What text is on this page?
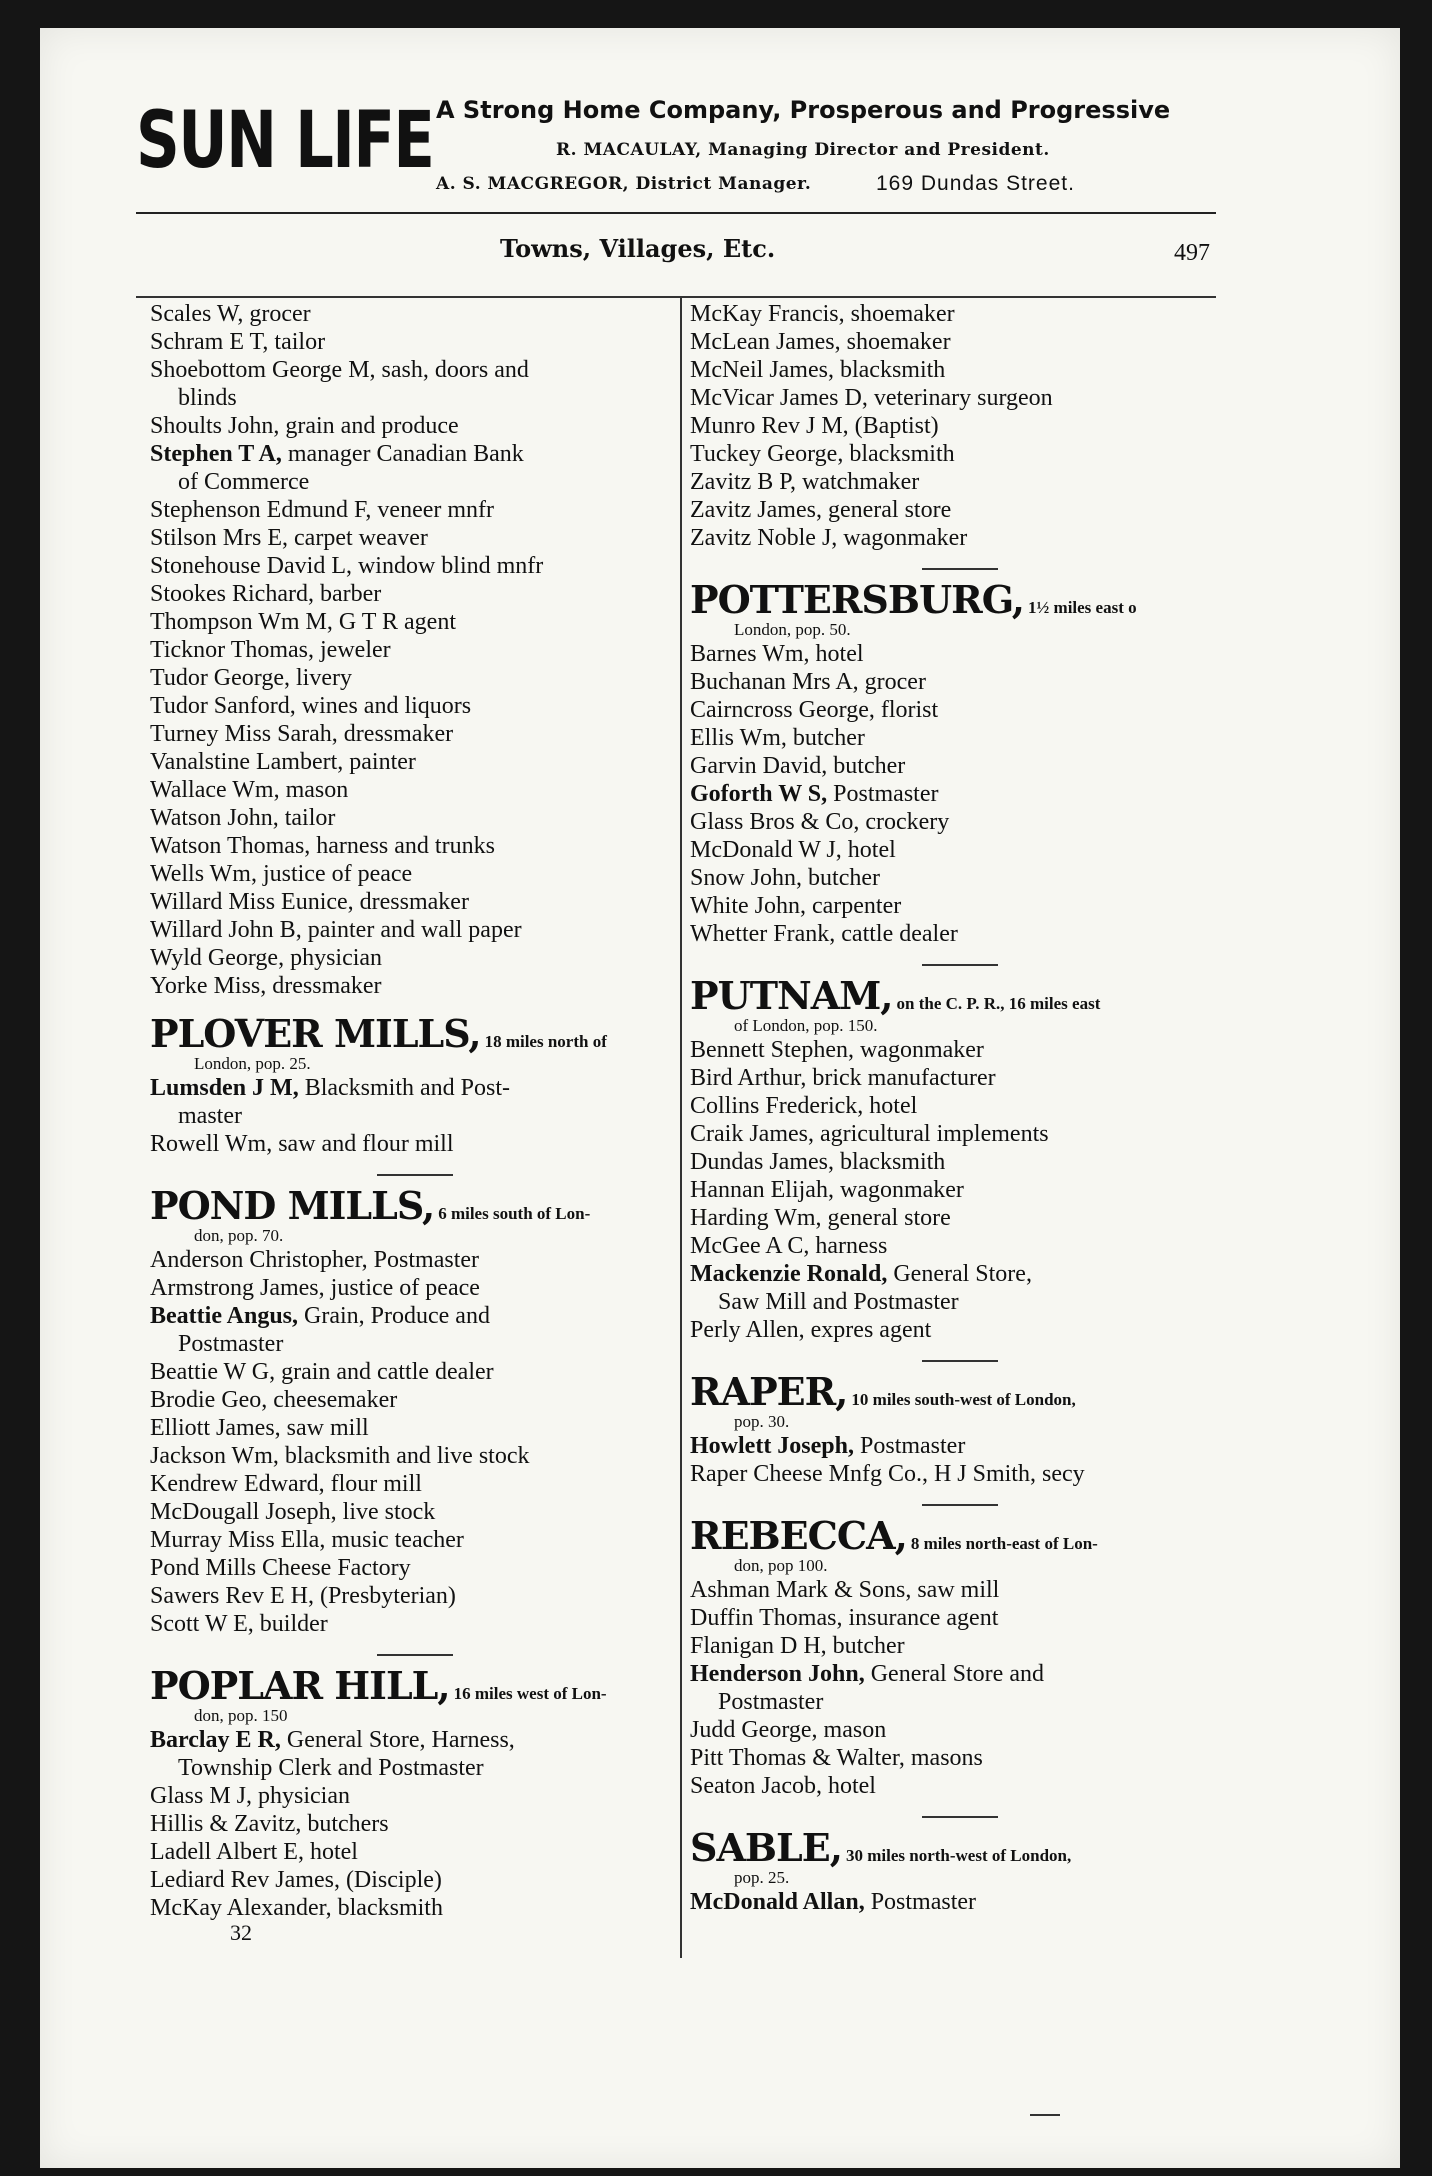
SUN LIFE A Strong Home Company, Prosperous and Progressive
R. MACAULAY, Managing Director and President.
A. S. MACGREGOR, District Manager.	169 Dundas Street.
Towns, Villages, Etc.	497
Scales W, grocer
Schram E T, tailor
Shoebottom George M, sash, doors and
blinds
Shoults John, grain and produce
Stephen T A, manager Canadian Bank
of Commerce
Stephenson Edmund F, veneer mnfr
Stilson Mrs E, carpet weaver
Stonehouse David L, window blind mnfr
Stookes Richard, barber
Thompson Wm M, G T R agent
Ticknor Thomas, jeweler
Tudor George, livery
Tudor Sanford, wines and liquors
Turney Miss Sarah, dressmaker
Vanalstine Lambert, painter
Wallace Wm, mason
Watson John, tailor
Watson Thomas, harness and trunks
Wells Wm, justice of peace
Willard Miss Eunice, dressmaker
Willard John B, painter and wall paper
Wyld George, physician
Yorke Miss, dressmaker
PLOVER MILLS, 18 miles north of
London, pop. 25.
Lumsden J M, Blacksmith and Post-
master
Rowell Wm, saw and flour mill
POND MILLS, 6 miles south of Lon-
don, pop. 70.
Anderson Christopher, Postmaster
Armstrong James, justice of peace
Beattie Angus, Grain, Produce and
Postmaster
Beattie W G, grain and cattle dealer
Brodie Geo, cheesemaker
Elliott James, saw mill
Jackson Wm, blacksmith and live stock
Kendrew Edward, flour mill
McDougall Joseph, live stock
Murray Miss Ella, music teacher
Pond Mills Cheese Factory
Sawers Rev E H, (Presbyterian)
Scott W E, builder
POPLAR HILL, 16 miles west of Lon-
don, pop. 150
Barclay E R, General Store, Harness,
Township Clerk and Postmaster
Glass M J, physician
Hillis & Zavitz, butchers
Ladell Albert E, hotel
Lediard Rev James, (Disciple)
McKay Alexander, blacksmith
32
McKay Francis, shoemaker
McLean James, shoemaker
McNeil James, blacksmith
McVicar James D, veterinary surgeon
Munro Rev J M, (Baptist)
Tuckey George, blacksmith
Zavitz B P, watchmaker
Zavitz James, general store
Zavitz Noble J, wagonmaker
POTTERSBURG, 1½ miles east o
London, pop. 50.
Barnes Wm, hotel
Buchanan Mrs A, grocer
Cairncross George, florist
Ellis Wm, butcher
Garvin David, butcher
Goforth W S, Postmaster
Glass Bros & Co, crockery
McDonald W J, hotel
Snow John, butcher
White John, carpenter
Whetter Frank, cattle dealer
PUTNAM, on the C. P. R., 16 miles east
of London, pop. 150.
Bennett Stephen, wagonmaker
Bird Arthur, brick manufacturer
Collins Frederick, hotel
Craik James, agricultural implements
Dundas James, blacksmith
Hannan Elijah, wagonmaker
Harding Wm, general store
McGee A C, harness
Mackenzie Ronald, General Store,
Saw Mill and Postmaster
Perly Allen, expres agent
RAPER, 10 miles south-west of London,
pop. 30.
Howlett Joseph, Postmaster
Raper Cheese Mnfg Co., H J Smith, secy
REBECCA, 8 miles north-east of Lon-
don, pop 100.
Ashman Mark & Sons, saw mill
Duffin Thomas, insurance agent
Flanigan D H, butcher
Henderson John, General Store and
Postmaster
Judd George, mason
Pitt Thomas & Walter, masons
Seaton Jacob, hotel
SABLE, 30 miles north-west of London,
pop. 25.
McDonald Allan, Postmaster
